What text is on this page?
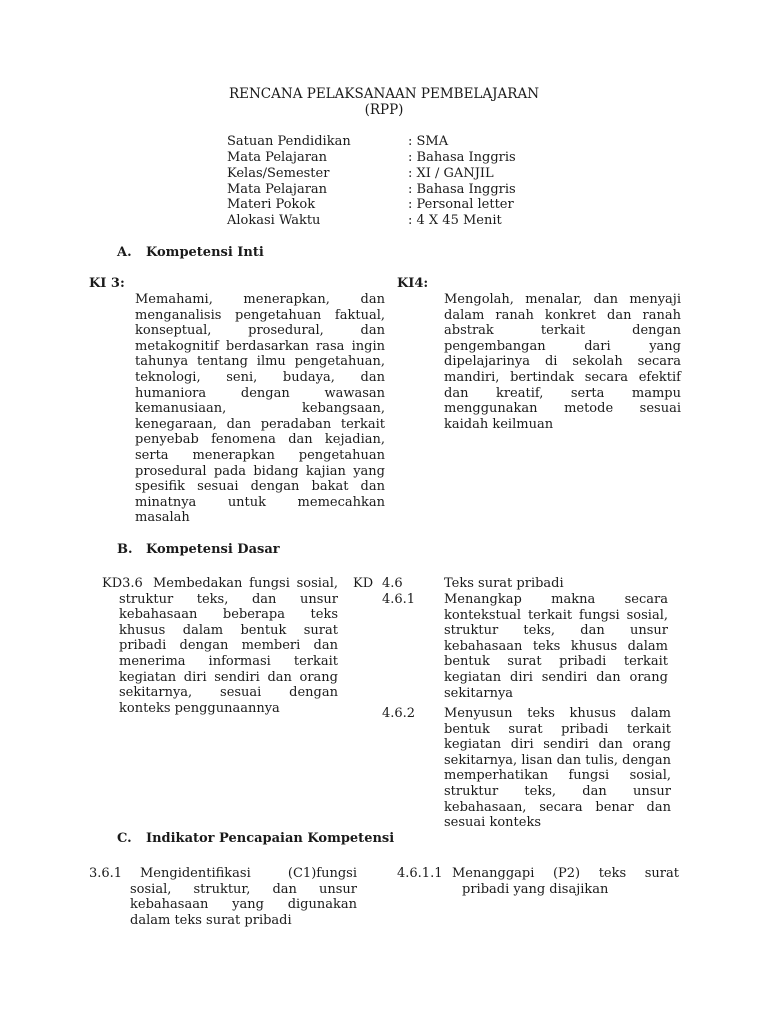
RENCANA PELAKSANAAN PEMBELAJARAN
(RPP)
Satuan Pendidikan	: SMA
Mata Pelajaran	: Bahasa Inggris
Kelas/Semester	: XI / GANJIL
Mata Pelajaran	: Bahasa Inggris
Materi Pokok	: Personal letter
Alokasi Waktu	: 4 X 45 Menit
A. Kompetensi Inti
KI 3:
Memahami, menerapkan, dan menganalisis pengetahuan faktual, konseptual, prosedural, dan metakognitif berdasarkan rasa ingin tahunya tentang ilmu pengetahuan, teknologi, seni, budaya, dan humaniora dengan wawasan kemanusiaan, kebangsaan, kenegaraan, dan peradaban terkait penyebab fenomena dan kejadian, serta menerapkan pengetahuan prosedural pada bidang kajian yang spesifik sesuai dengan bakat dan minatnya untuk memecahkan masalah
KI4:
Mengolah, menalar, dan menyaji dalam ranah konkret dan ranah abstrak terkait dengan pengembangan dari yang dipelajarinya di sekolah secara mandiri, bertindak secara efektif dan kreatif, serta mampu menggunakan metode sesuai kaidah keilmuan
B. Kompetensi Dasar
KD3.6 Membedakan fungsi sosial, struktur teks, dan unsur kebahasaan beberapa teks khusus dalam bentuk surat pribadi dengan memberi dan menerima informasi terkait kegiatan diri sendiri dan orang sekitarnya, sesuai dengan konteks penggunaannya
KD 4.6	Teks surat pribadi
4.6.1 Menangkap makna secara kontekstual terkait fungsi sosial, struktur teks, dan unsur kebahasaan teks khusus dalam bentuk surat pribadi terkait kegiatan diri sendiri dan orang sekitarnya
4.6.2 Menyusun teks khusus dalam bentuk surat pribadi terkait kegiatan diri sendiri dan orang sekitarnya, lisan dan tulis, dengan memperhatikan fungsi sosial, struktur teks, dan unsur kebahasaan, secara benar dan sesuai konteks
C. Indikator Pencapaian Kompetensi
3.6.1	Mengidentifikasi (C1)fungsi sosial, struktur, dan unsur kebahasaan yang digunakan dalam teks surat pribadi
4.6.1.1 Menanggapi (P2) teks surat pribadi yang disajikan
